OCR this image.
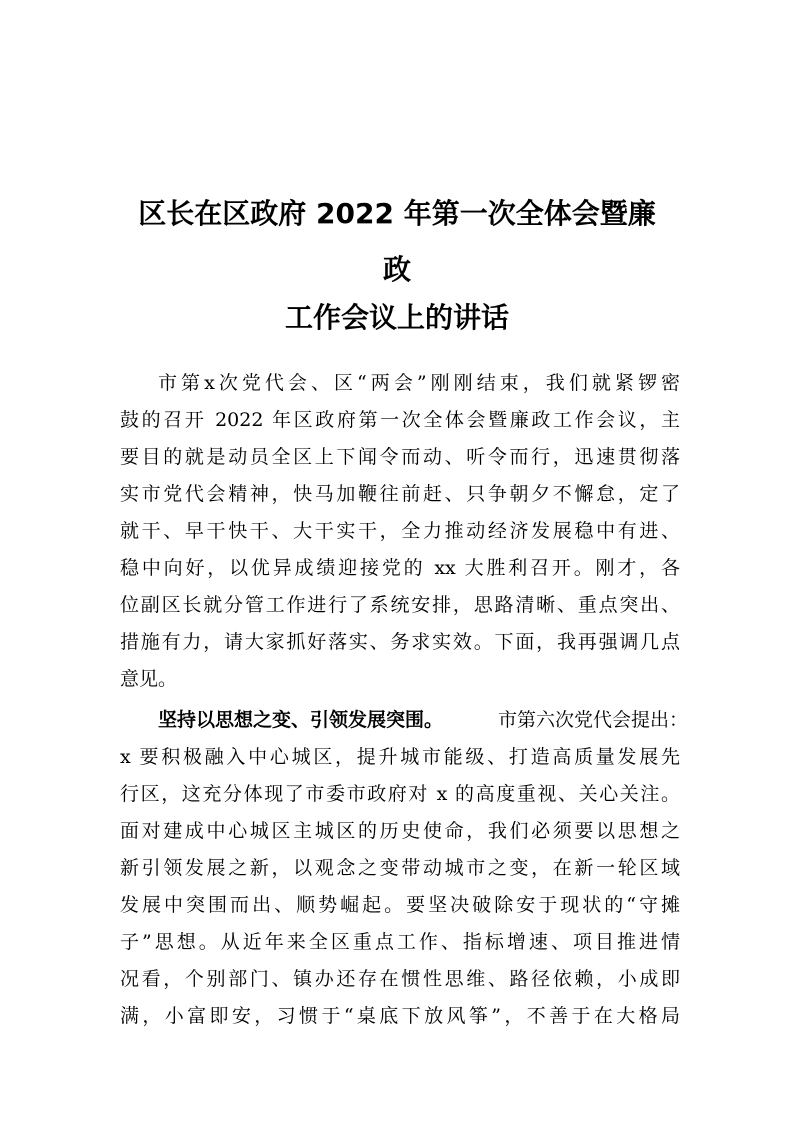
区长在区政府 2022 年第一次全体会暨廉
政
工作会议上的讲话
市第x次党代会、区“两会”刚刚结束，我们就紧锣密
鼓的召开 2022 年区政府第一次全体会暨廉政工作会议，主
要目的就是动员全区上下闻令而动、听令而行，迅速贯彻落
实市党代会精神，快马加鞭往前赶、只争朝夕不懈怠，定了
就干、早干快干、大干实干，全力推动经济发展稳中有进、
稳中向好，以优异成绩迎接党的 xx 大胜利召开。刚才，各
位副区长就分管工作进行了系统安排，思路清晰、重点突出、
措施有力，请大家抓好落实、务求实效。下面，我再强调几点
意见。
坚持以思想之变、引领发展突围。	市第六次党代会提出：
x 要积极融入中心城区，提升城市能级、打造高质量发展先
行区，这充分体现了市委市政府对 x 的高度重视、关心关注。
面对建成中心城区主城区的历史使命，我们必须要以思想之
新引领发展之新，以观念之变带动城市之变，在新一轮区域
发展中突围而出、顺势崛起。要坚决破除安于现状的“守摊
子”思想。从近年来全区重点工作、指标增速、项目推进情
况看，个别部门、镇办还存在惯性思维、路径依赖，小成即
满，小富即安，习惯于“桌底下放风筝”，不善于在大格局
